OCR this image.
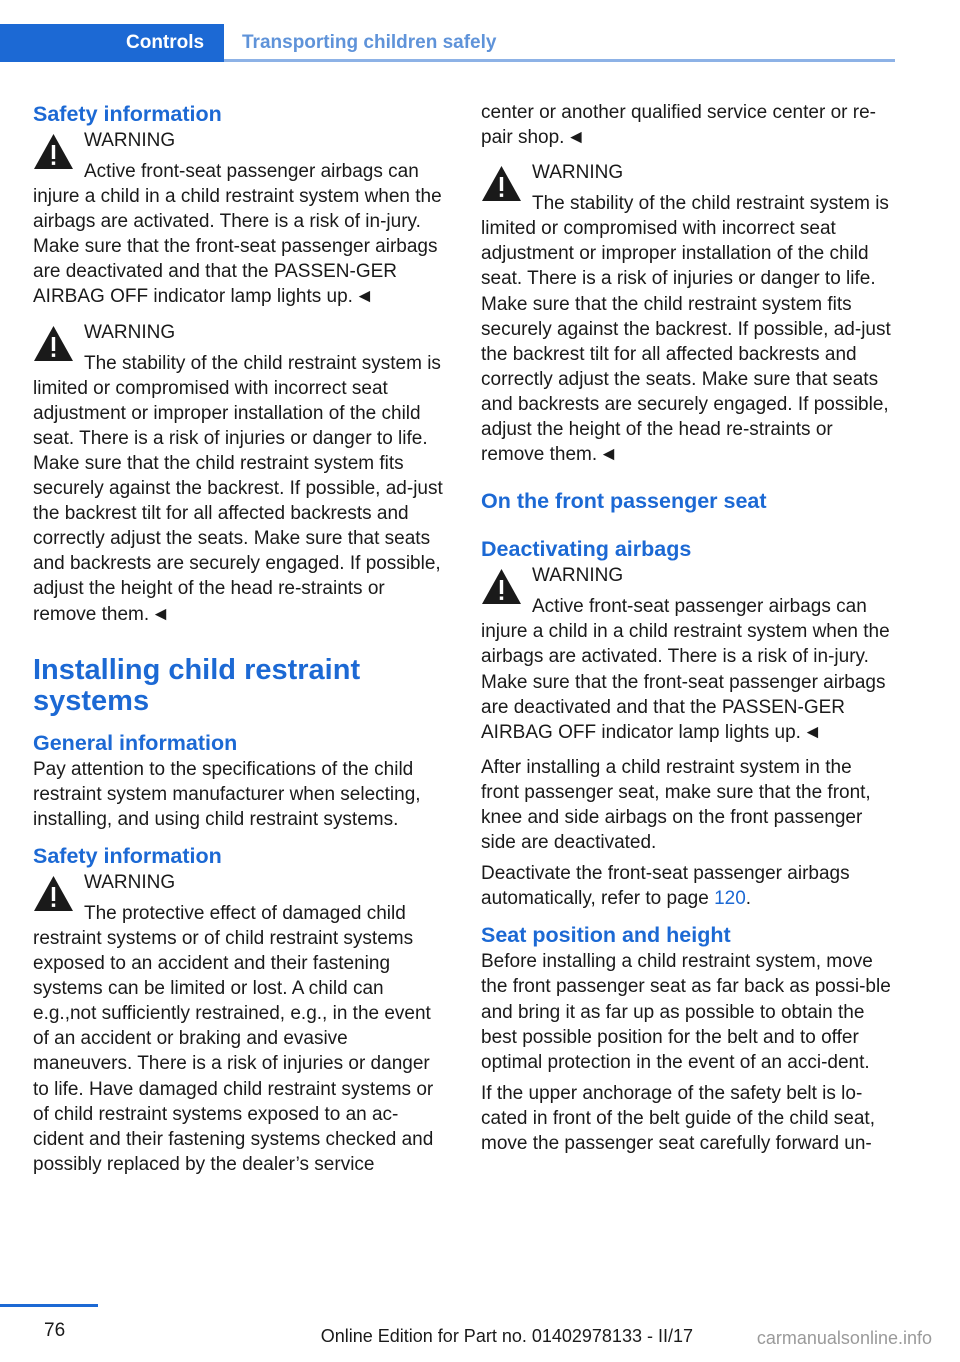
Controls	Transporting children safely
Safety information
WARNING
Active front-seat passenger airbags can injure a child in a child restraint system when the airbags are activated. There is a risk of in-jury. Make sure that the front-seat passenger airbags are deactivated and that the PASSEN-GER AIRBAG OFF indicator lamp lights up. ◄
WARNING
The stability of the child restraint system is limited or compromised with incorrect seat adjustment or improper installation of the child seat. There is a risk of injuries or danger to life. Make sure that the child restraint system fits securely against the backrest. If possible, ad-just the backrest tilt for all affected backrests and correctly adjust the seats. Make sure that seats and backrests are securely engaged. If possible, adjust the height of the head re-straints or remove them. ◄
Installing child restraint systems
General information
Pay attention to the specifications of the child restraint system manufacturer when selecting, installing, and using child restraint systems.
Safety information
WARNING
The protective effect of damaged child restraint systems or of child restraint systems exposed to an accident and their fastening systems can be limited or lost. A child can e.g.,not sufficiently restrained, e.g., in the event of an accident or braking and evasive maneuvers. There is a risk of injuries or danger to life. Have damaged child restraint systems or of child restraint systems exposed to an ac-cident and their fastening systems checked and possibly replaced by the dealer’s service
center or another qualified service center or re-pair shop. ◄
WARNING
The stability of the child restraint system is limited or compromised with incorrect seat adjustment or improper installation of the child seat. There is a risk of injuries or danger to life. Make sure that the child restraint system fits securely against the backrest. If possible, ad-just the backrest tilt for all affected backrests and correctly adjust the seats. Make sure that seats and backrests are securely engaged. If possible, adjust the height of the head re-straints or remove them. ◄
On the front passenger seat
Deactivating airbags
WARNING
Active front-seat passenger airbags can injure a child in a child restraint system when the airbags are activated. There is a risk of in-jury. Make sure that the front-seat passenger airbags are deactivated and that the PASSEN-GER AIRBAG OFF indicator lamp lights up. ◄
After installing a child restraint system in the front passenger seat, make sure that the front, knee and side airbags on the front passenger side are deactivated.
Deactivate the front-seat passenger airbags automatically, refer to page 120.
Seat position and height
Before installing a child restraint system, move the front passenger seat as far back as possi-ble and bring it as far up as possible to obtain the best possible position for the belt and to offer optimal protection in the event of an acci-dent.
If the upper anchorage of the safety belt is lo-cated in front of the belt guide of the child seat, move the passenger seat carefully forward un-
76	Online Edition for Part no. 01402978133 - II/17	carmanualsonline.info
